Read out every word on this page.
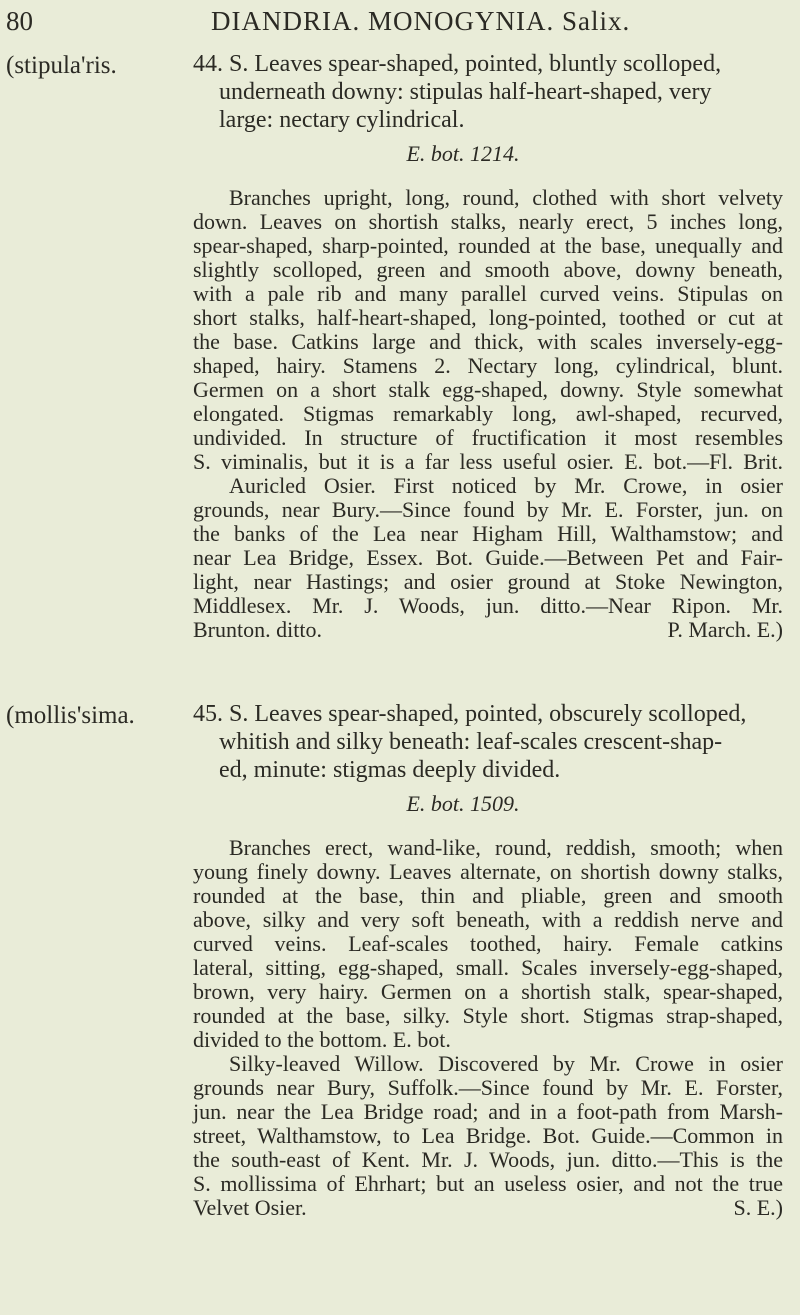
80	DIANDRIA. MONOGYNIA. Salix.
(stipula'ris.	44. S. Leaves spear-shaped, pointed, bluntly scolloped,
underneath downy: stipulas half-heart-shaped, very
large: nectary cylindrical.
E. bot. 1214.
Branches upright, long, round, clothed with short velvety
down. Leaves on shortish stalks, nearly erect, 5 inches long,
spear-shaped, sharp-pointed, rounded at the base, unequally and
slightly scolloped, green and smooth above, downy beneath,
with a pale rib and many parallel curved veins. Stipulas on
short stalks, half-heart-shaped, long-pointed, toothed or cut at
the base. Catkins large and thick, with scales inversely-egg-
shaped, hairy. Stamens 2. Nectary long, cylindrical, blunt.
Germen on a short stalk egg-shaped, downy. Style somewhat
elongated. Stigmas remarkably long, awl-shaped, recurved,
undivided. In structure of fructification it most resembles
S. viminalis, but it is a far less useful osier. E. bot.—Fl. Brit.
Auricled Osier. First noticed by Mr. Crowe, in osier
grounds, near Bury.—Since found by Mr. E. Forster, jun. on
the banks of the Lea near Higham Hill, Walthamstow; and
near Lea Bridge, Essex. Bot. Guide.—Between Pet and Fair-
light, near Hastings; and osier ground at Stoke Newington,
Middlesex. Mr. J. Woods, jun. ditto.—Near Ripon. Mr.
Brunton. ditto.	P. March. E.)
(mollis'sima. 45. S. Leaves spear-shaped, pointed, obscurely scolloped,
whitish and silky beneath: leaf-scales crescent-shap-
ed, minute: stigmas deeply divided.
E. bot. 1509.
Branches erect, wand-like, round, reddish, smooth; when
young finely downy. Leaves alternate, on shortish downy stalks,
rounded at the base, thin and pliable, green and smooth
above, silky and very soft beneath, with a reddish nerve and
curved veins. Leaf-scales toothed, hairy. Female catkins
lateral, sitting, egg-shaped, small. Scales inversely-egg-shaped,
brown, very hairy. Germen on a shortish stalk, spear-shaped,
rounded at the base, silky. Style short. Stigmas strap-shaped,
divided to the bottom. E. bot.
Silky-leaved Willow. Discovered by Mr. Crowe in osier
grounds near Bury, Suffolk.—Since found by Mr. E. Forster,
jun. near the Lea Bridge road; and in a foot-path from Marsh-
street, Walthamstow, to Lea Bridge. Bot. Guide.—Common in
the south-east of Kent. Mr. J. Woods, jun. ditto.—This is the
S. mollissima of Ehrhart; but an useless osier, and not the true
Velvet Osier.	S. E.)
